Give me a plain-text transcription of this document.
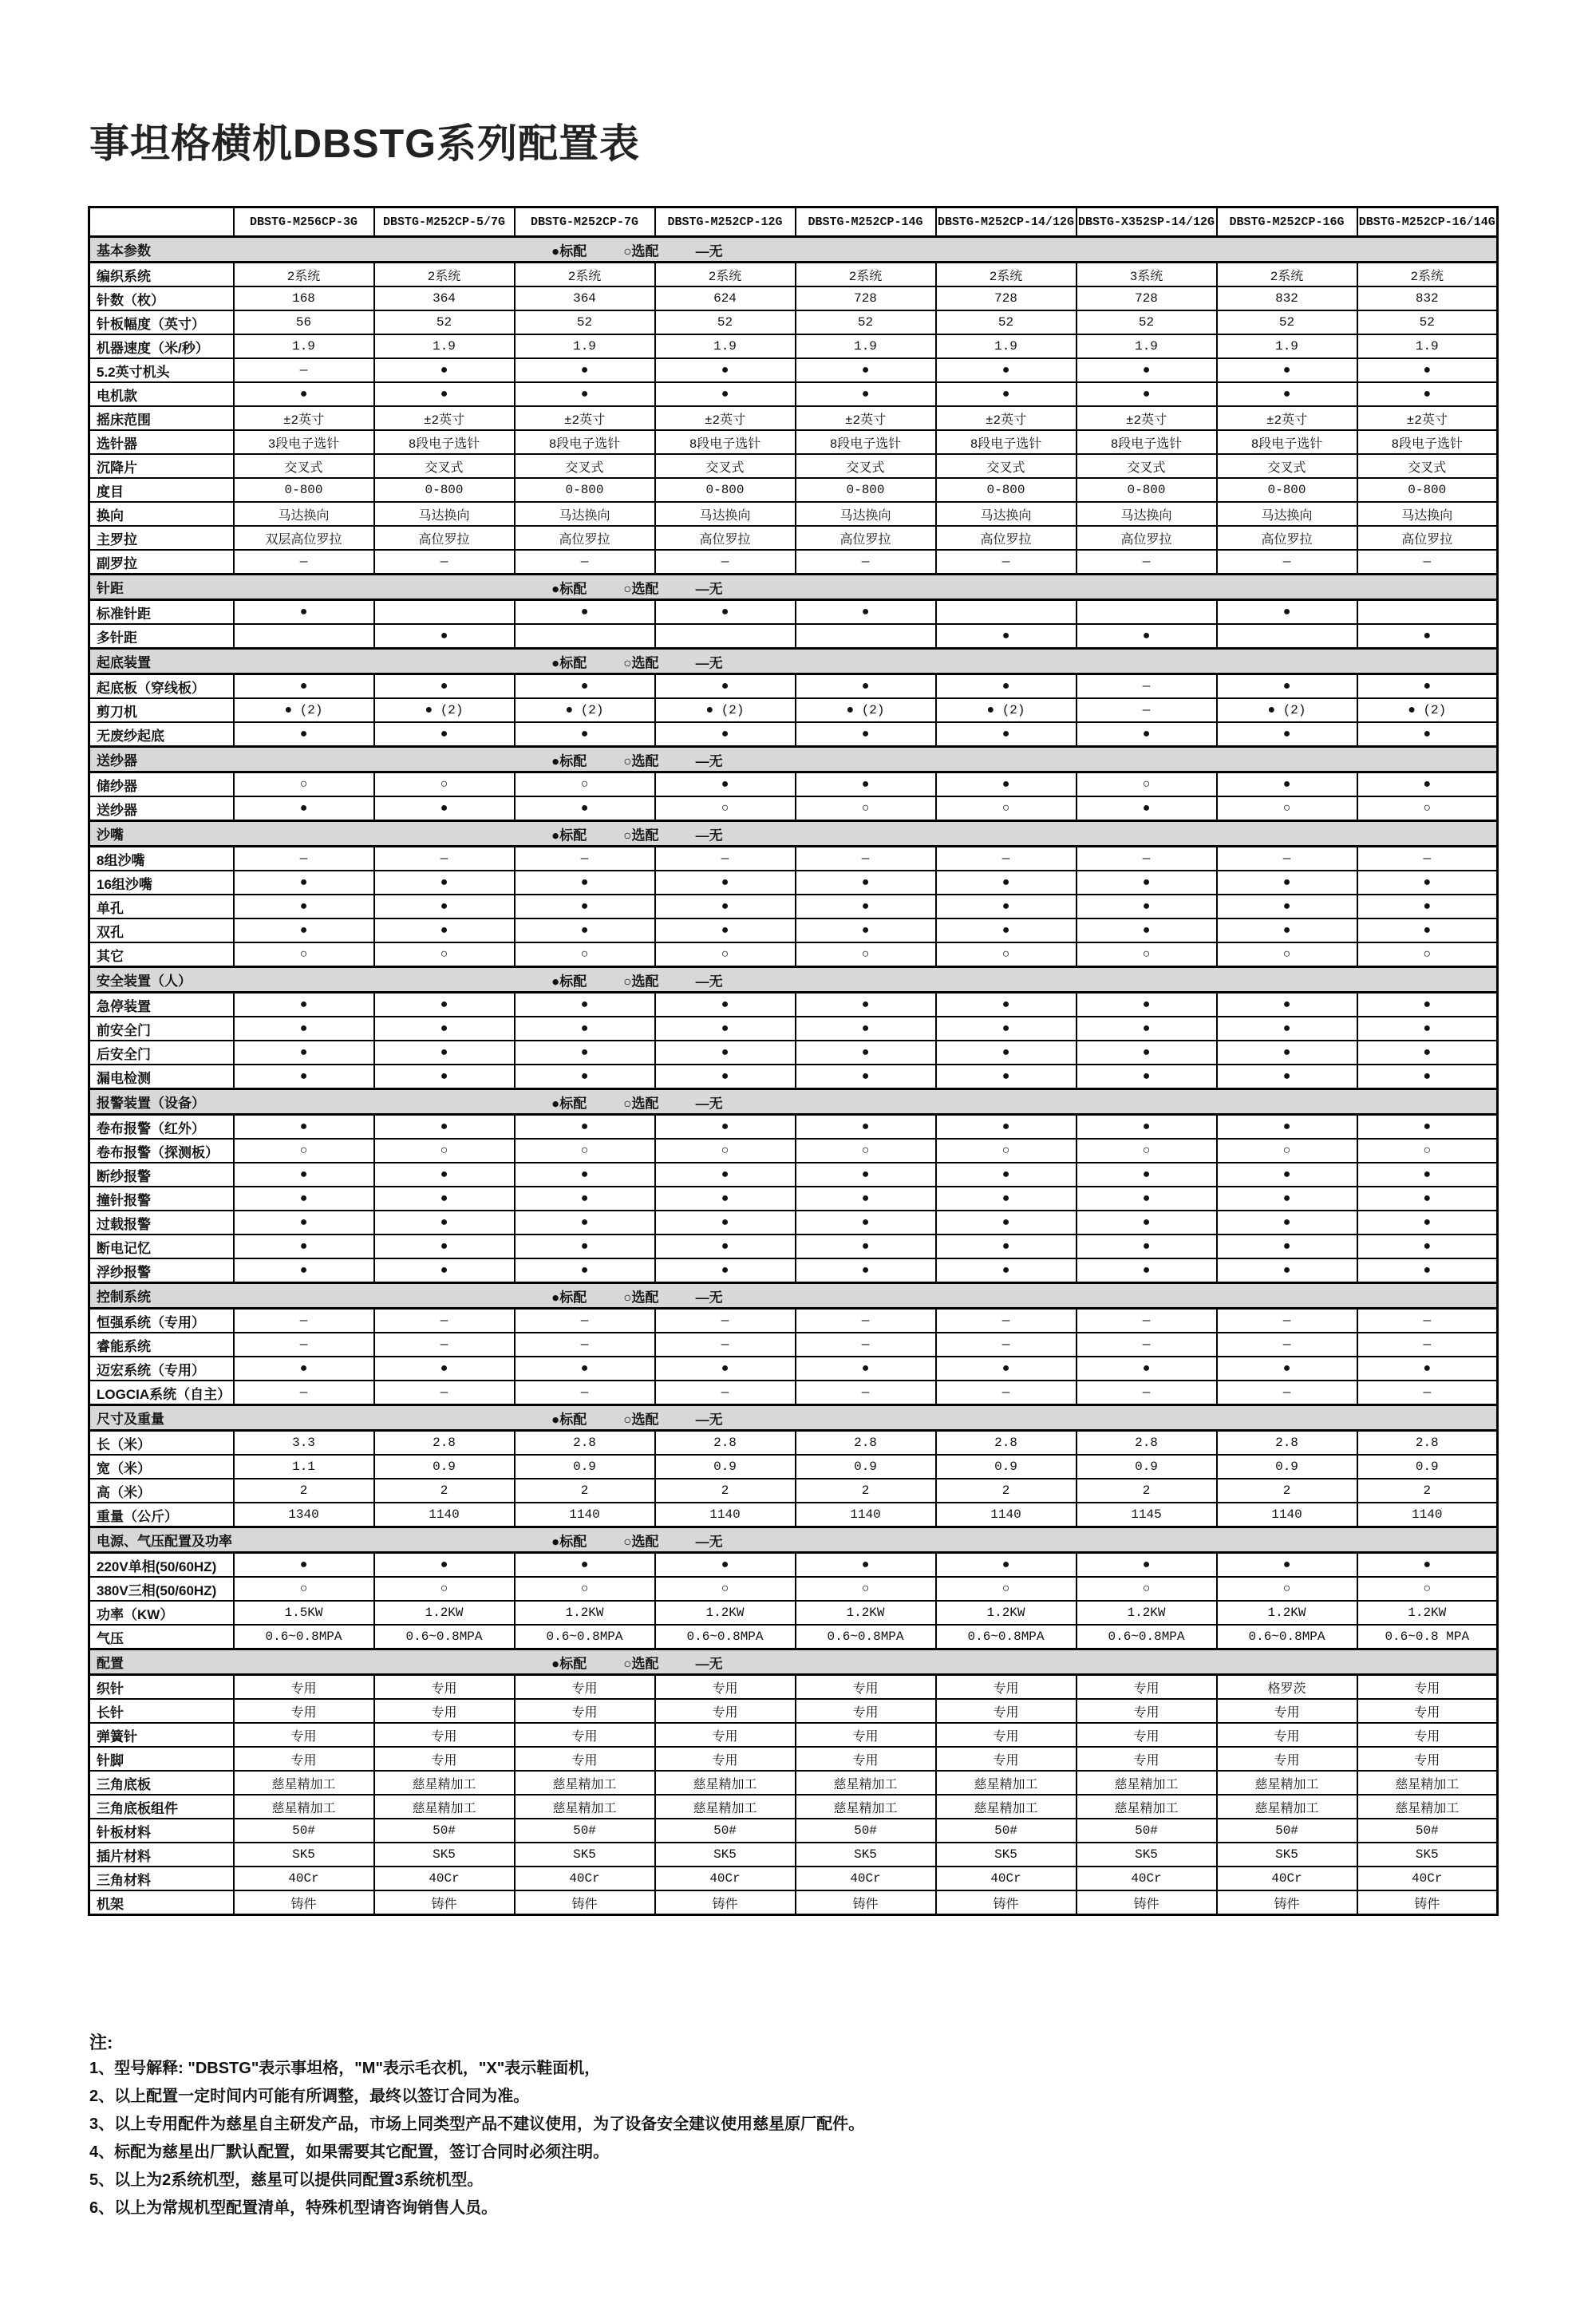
事坦格横机DBSTG系列配置表
	DBSTG-M256CP-3G	DBSTG-M252CP-5/7G	DBSTG-M252CP-7G	DBSTG-M252CP-12G	DBSTG-M252CP-14G	DBSTG-M252CP-14/12G	DBSTG-X352SP-14/12G	DBSTG-M252CP-16G	DBSTG-M252CP-16/14G
基本参数 ●标配 ○选配 —无									

编织系统	2系统	2系统	2系统	2系统	2系统	2系统	3系统	2系统	2系统
针数（枚）	168	364	364	624	728	728	728	832	832
针板幅度（英寸）	56	52	52	52	52	52	52	52	52
机器速度（米/秒）	1.9	1.9	1.9	1.9	1.9	1.9	1.9	1.9	1.9
5.2英寸机头	—	●	●	●	●	●	●	●	●
电机款	●	●	●	●	●	●	●	●	●
摇床范围	±2英寸	±2英寸	±2英寸	±2英寸	±2英寸	±2英寸	±2英寸	±2英寸	±2英寸
选针器	3段电子选针	8段电子选针	8段电子选针	8段电子选针	8段电子选针	8段电子选针	8段电子选针	8段电子选针	8段电子选针
沉降片	交叉式	交叉式	交叉式	交叉式	交叉式	交叉式	交叉式	交叉式	交叉式
度目	0-800	0-800	0-800	0-800	0-800	0-800	0-800	0-800	0-800
换向	马达换向	马达换向	马达换向	马达换向	马达换向	马达换向	马达换向	马达换向	马达换向
主罗拉	双层高位罗拉	高位罗拉	高位罗拉	高位罗拉	高位罗拉	高位罗拉	高位罗拉	高位罗拉	高位罗拉
副罗拉	—	—	—	—	—	—	—	—	—
针距 ●标配 ○选配 —无									

标准针距	●		●	●	●			●	
多针距		●				●	●		●
起底装置 ●标配 ○选配 —无									

起底板（穿线板）	●	●	●	●	●	●	—	●	●
剪刀机	● (2)	● (2)	● (2)	● (2)	● (2)	● (2)	—	● (2)	● (2)
无废纱起底	●	●	●	●	●	●	●	●	●
送纱器 ●标配 ○选配 —无									

储纱器	○	○	○	●	●	●	○	●	●
送纱器	●	●	●	○	○	○	●	○	○
沙嘴 ●标配 ○选配 —无									

8组沙嘴	—	—	—	—	—	—	—	—	—
16组沙嘴	●	●	●	●	●	●	●	●	●
单孔	●	●	●	●	●	●	●	●	●
双孔	●	●	●	●	●	●	●	●	●
其它	○	○	○	○	○	○	○	○	○
安全装置（人） ●标配 ○选配 —无									

急停装置	●	●	●	●	●	●	●	●	●
前安全门	●	●	●	●	●	●	●	●	●
后安全门	●	●	●	●	●	●	●	●	●
漏电检测	●	●	●	●	●	●	●	●	●
报警装置（设备） ●标配 ○选配 —无									

卷布报警（红外）	●	●	●	●	●	●	●	●	●
卷布报警（探测板）	○	○	○	○	○	○	○	○	○
断纱报警	●	●	●	●	●	●	●	●	●
撞针报警	●	●	●	●	●	●	●	●	●
过载报警	●	●	●	●	●	●	●	●	●
断电记忆	●	●	●	●	●	●	●	●	●
浮纱报警	●	●	●	●	●	●	●	●	●
控制系统 ●标配 ○选配 —无									

恒强系统（专用）	—	—	—	—	—	—	—	—	—
睿能系统	—	—	—	—	—	—	—	—	—
迈宏系统（专用）	●	●	●	●	●	●	●	●	●
LOGCIA系统（自主）	—	—	—	—	—	—	—	—	—
尺寸及重量 ●标配 ○选配 —无									

长（米）	3.3	2.8	2.8	2.8	2.8	2.8	2.8	2.8	2.8
宽（米）	1.1	0.9	0.9	0.9	0.9	0.9	0.9	0.9	0.9
高（米）	2	2	2	2	2	2	2	2	2
重量（公斤）	1340	1140	1140	1140	1140	1140	1145	1140	1140
电源、气压配置及功率 ●标配 ○选配 —无									

220V单相(50/60HZ)	●	●	●	●	●	●	●	●	●
380V三相(50/60HZ)	○	○	○	○	○	○	○	○	○
功率（KW）	1.5KW	1.2KW	1.2KW	1.2KW	1.2KW	1.2KW	1.2KW	1.2KW	1.2KW
气压	0.6~0.8MPA	0.6~0.8MPA	0.6~0.8MPA	0.6~0.8MPA	0.6~0.8MPA	0.6~0.8MPA	0.6~0.8MPA	0.6~0.8MPA	0.6~0.8 MPA
配置 ●标配 ○选配 —无									

织针	专用	专用	专用	专用	专用	专用	专用	格罗茨	专用
长针	专用	专用	专用	专用	专用	专用	专用	专用	专用
弹簧针	专用	专用	专用	专用	专用	专用	专用	专用	专用
针脚	专用	专用	专用	专用	专用	专用	专用	专用	专用
三角底板	慈星精加工	慈星精加工	慈星精加工	慈星精加工	慈星精加工	慈星精加工	慈星精加工	慈星精加工	慈星精加工
三角底板组件	慈星精加工	慈星精加工	慈星精加工	慈星精加工	慈星精加工	慈星精加工	慈星精加工	慈星精加工	慈星精加工
针板材料	50#	50#	50#	50#	50#	50#	50#	50#	50#
插片材料	SK5	SK5	SK5	SK5	SK5	SK5	SK5	SK5	SK5
三角材料	40Cr	40Cr	40Cr	40Cr	40Cr	40Cr	40Cr	40Cr	40Cr
机架	铸件	铸件	铸件	铸件	铸件	铸件	铸件	铸件	铸件
注:
1、型号解释: "DBSTG"表示事坦格，"M"表示毛衣机，"X"表示鞋面机，
2、以上配置一定时间内可能有所调整，最终以签订合同为准。
3、以上专用配件为慈星自主研发产品，市场上同类型产品不建议使用，为了设备安全建议使用慈星原厂配件。
4、标配为慈星出厂默认配置，如果需要其它配置，签订合同时必须注明。
5、以上为2系统机型，慈星可以提供同配置3系统机型。
6、以上为常规机型配置清单，特殊机型请咨询销售人员。
